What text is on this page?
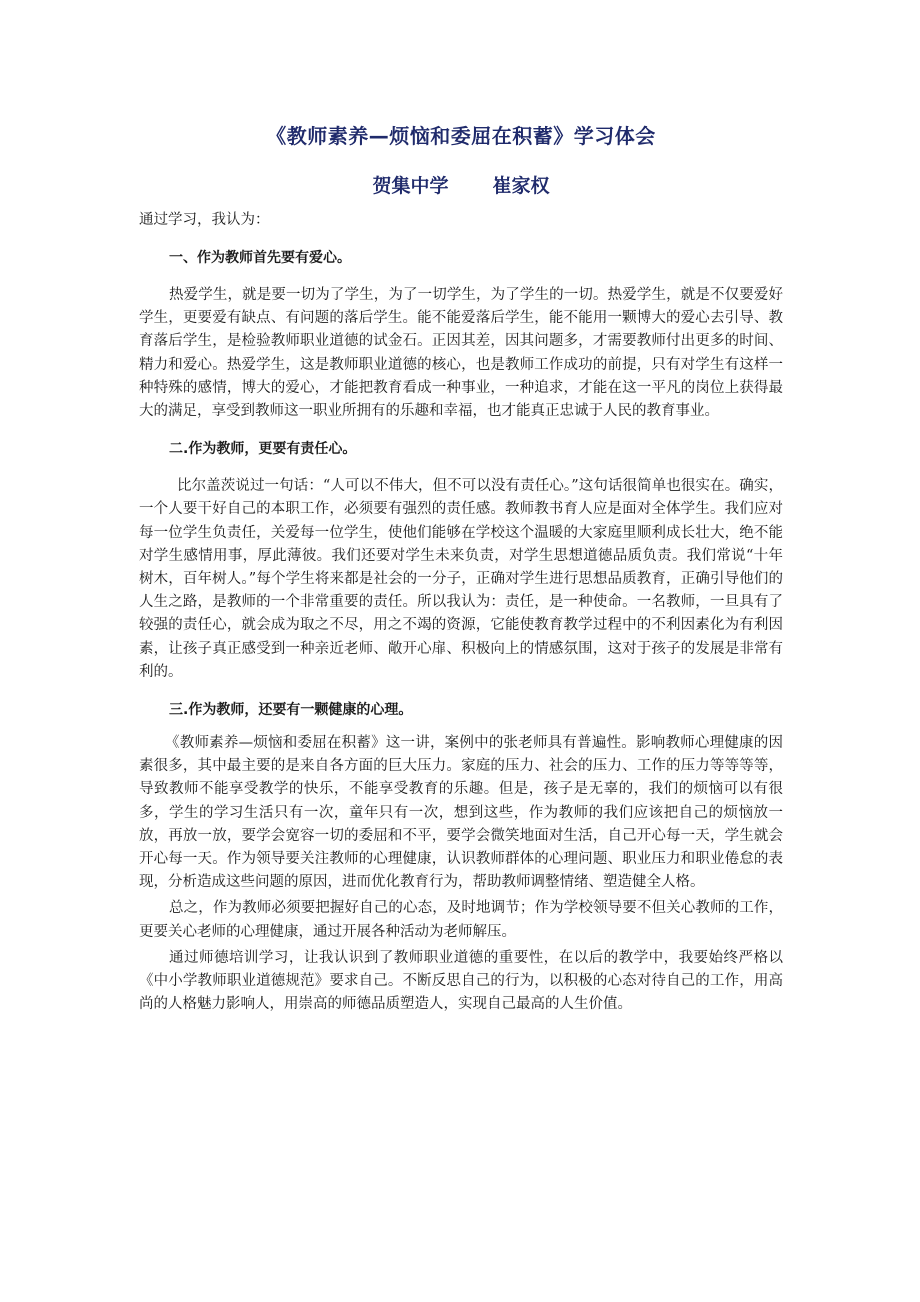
《教师素养—烦恼和委屈在积蓄》学习体会
贺集中学 崔家权
通过学习，我认为：
一、作为教师首先要有爱心。

热爱学生，就是要一切为了学生，为了一切学生，为了学生的一切。热爱学生，就是不仅要爱好学生，更要爱有缺点、有问题的落后学生。能不能爱落后学生，能不能用一颗博大的爱心去引导、教育落后学生，是检验教师职业道德的试金石。正因其差，因其问题多，才需要教师付出更多的时间、精力和爱心。热爱学生，这是教师职业道德的核心，也是教师工作成功的前提，只有对学生有这样一种特殊的感情，博大的爱心，才能把教育看成一种事业，一种追求，才能在这一平凡的岗位上获得最大的满足，享受到教师这一职业所拥有的乐趣和幸福，也才能真正忠诚于人民的教育事业。

二.作为教师，更要有责任心。

比尔盖茨说过一句话：“人可以不伟大，但不可以没有责任心。”这句话很简单也很实在。确实，一个人要干好自己的本职工作，必须要有强烈的责任感。教师教书育人应是面对全体学生。我们应对每一位学生负责任，关爱每一位学生，使他们能够在学校这个温暖的大家庭里顺利成长壮大，绝不能对学生感情用事，厚此薄彼。我们还要对学生未来负责，对学生思想道德品质负责。我们常说“十年树木，百年树人。”每个学生将来都是社会的一分子，正确对学生进行思想品质教育，正确引导他们的人生之路，是教师的一个非常重要的责任。所以我认为：责任，是一种使命。一名教师，一旦具有了较强的责任心，就会成为取之不尽，用之不竭的资源，它能使教育教学过程中的不利因素化为有利因素，让孩子真正感受到一种亲近老师、敞开心扉、积极向上的情感氛围，这对于孩子的发展是非常有利的。

三.作为教师，还要有一颗健康的心理。

《教师素养—烦恼和委屈在积蓄》这一讲，案例中的张老师具有普遍性。影响教师心理健康的因素很多，其中最主要的是来自各方面的巨大压力。家庭的压力、社会的压力、工作的压力等等等等，导致教师不能享受教学的快乐，不能享受教育的乐趣。但是，孩子是无辜的，我们的烦恼可以有很多，学生的学习生活只有一次，童年只有一次，想到这些，作为教师的我们应该把自己的烦恼放一放，再放一放，要学会宽容一切的委屈和不平，要学会微笑地面对生活，自己开心每一天，学生就会开心每一天。作为领导要关注教师的心理健康，认识教师群体的心理问题、职业压力和职业倦怠的表现，分析造成这些问题的原因，进而优化教育行为，帮助教师调整情绪、塑造健全人格。

总之，作为教师必须要把握好自己的心态，及时地调节；作为学校领导要不但关心教师的工作，更要关心老师的心理健康，通过开展各种活动为老师解压。

通过师德培训学习，让我认识到了教师职业道德的重要性，在以后的教学中，我要始终严格以《中小学教师职业道德规范》要求自己。不断反思自己的行为，以积极的心态对待自己的工作，用高尚的人格魅力影响人，用崇高的师德品质塑造人，实现自己最高的人生价值。
